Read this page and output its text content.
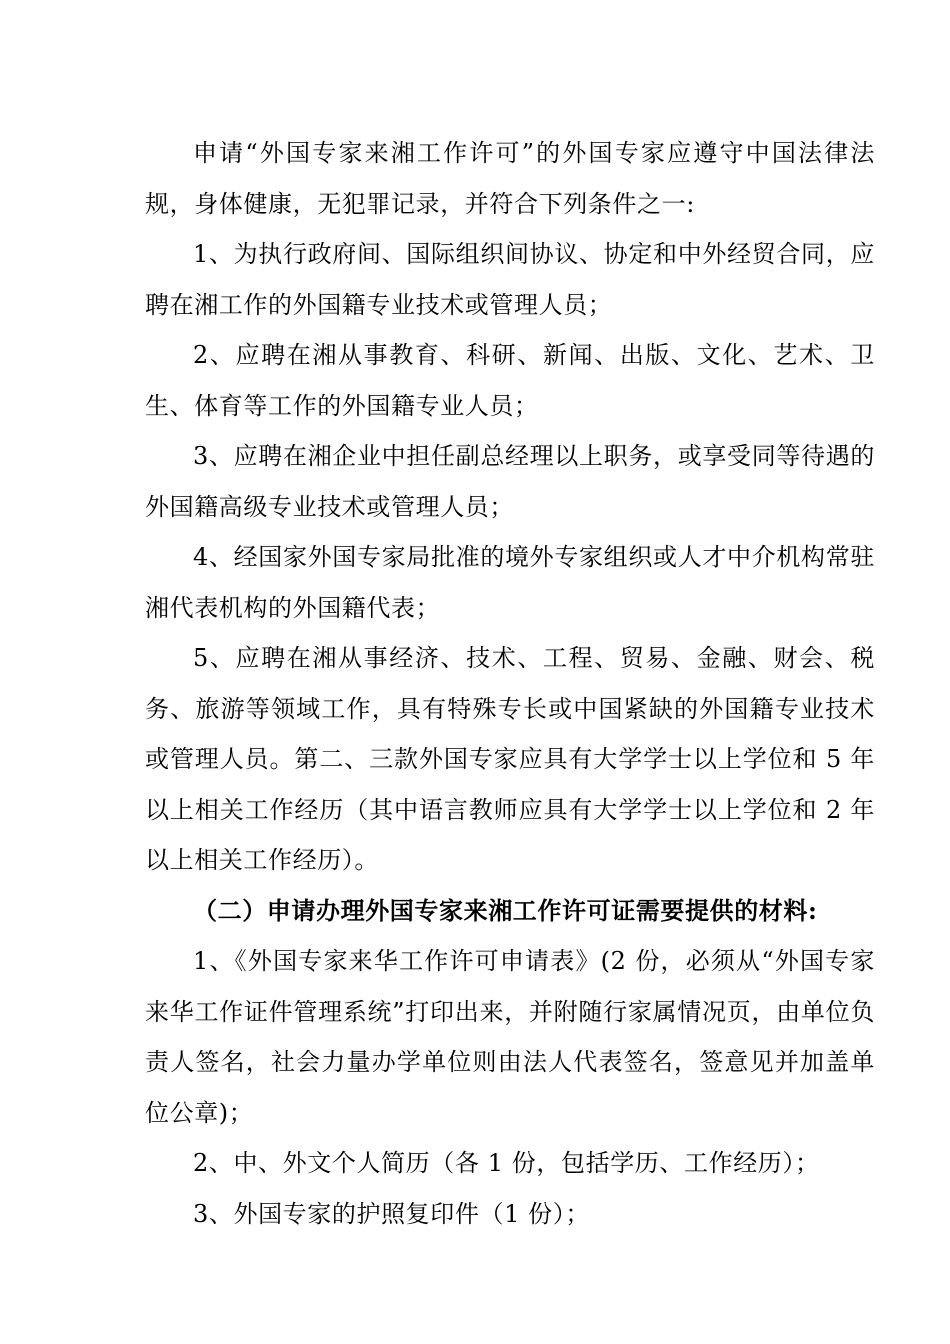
申请“外国专家来湘工作许可”的外国专家应遵守中国法律法规，身体健康，无犯罪记录，并符合下列条件之一:

1、为执行政府间、国际组织间协议、协定和中外经贸合同，应聘在湘工作的外国籍专业技术或管理人员；

2、应聘在湘从事教育、科研、新闻、出版、文化、艺术、卫生、体育等工作的外国籍专业人员；

3、应聘在湘企业中担任副总经理以上职务，或享受同等待遇的外国籍高级专业技术或管理人员；

4、经国家外国专家局批准的境外专家组织或人才中介机构常驻湘代表机构的外国籍代表；

5、应聘在湘从事经济、技术、工程、贸易、金融、财会、税务、旅游等领域工作，具有特殊专长或中国紧缺的外国籍专业技术或管理人员。第二、三款外国专家应具有大学学士以上学位和 5 年以上相关工作经历（其中语言教师应具有大学学士以上学位和 2 年以上相关工作经历）。

（二）申请办理外国专家来湘工作许可证需要提供的材料:

1、《外国专家来华工作许可申请表》(2 份，必须从“外国专家来华工作证件管理系统”打印出来，并附随行家属情况页，由单位负责人签名，社会力量办学单位则由法人代表签名，签意见并加盖单位公章)；

2、中、外文个人简历（各 1 份，包括学历、工作经历）；

3、外国专家的护照复印件（1 份）；
